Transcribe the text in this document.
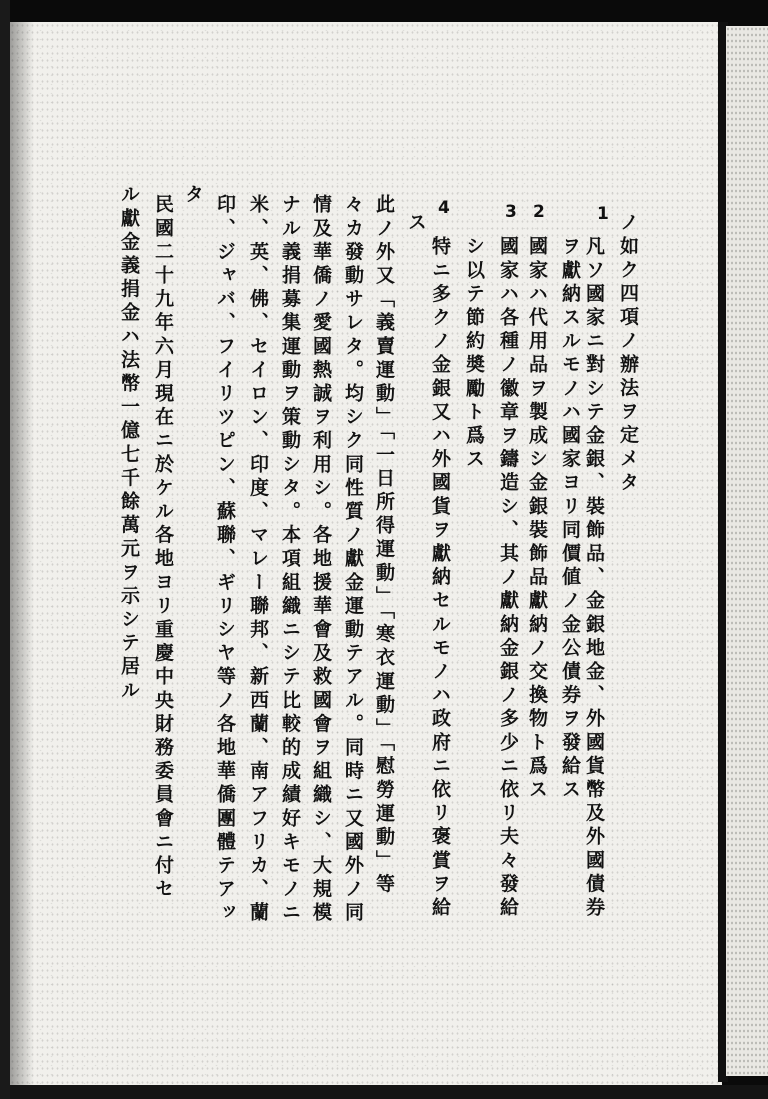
ノ如ク四項ノ辦法ヲ定メタ
凡ソ國家ニ對シテ金銀、裝飾品、金銀地金、外國貨幣及外國債券
ヲ獻納スルモノハ國家ヨリ同價値ノ金公債券ヲ發給ス
國家ハ代用品ヲ製成シ金銀裝飾品獻納ノ交換物ト爲ス
國家ハ各種ノ徽章ヲ鑄造シ、其ノ獻納金銀ノ多少ニ依リ夫々發給
シ以テ節約奬勵ト爲ス
特ニ多クノ金銀又ハ外國貨ヲ獻納セルモノハ政府ニ依リ褒賞ヲ給
ス
此ノ外又「義賣運動」「一日所得運動」「寒衣運動」「慰勞運動」等
々カ發動サレタ。均シク同性質ノ獻金運動テアル。同時ニ又國外ノ同
情及華僑ノ愛國熱誠ヲ利用シ。各地援華會及救國會ヲ組織シ、大規模
ナル義捐募集運動ヲ策動シタ。本項組織ニシテ比較的成績好キモノニ
米、英、佛、セイロン、印度、マレー聯邦、新西蘭、南アフリカ、蘭
印、ジャバ、フイリツピン、蘇聯、ギリシヤ等ノ各地華僑團體テアッ
タ
民國二十九年六月現在ニ於ケル各地ヨリ重慶中央財務委員會ニ付セ
ル獻金義捐金ハ法幣一億七千餘萬元ヲ示シテ居ル	1
2
3
4
